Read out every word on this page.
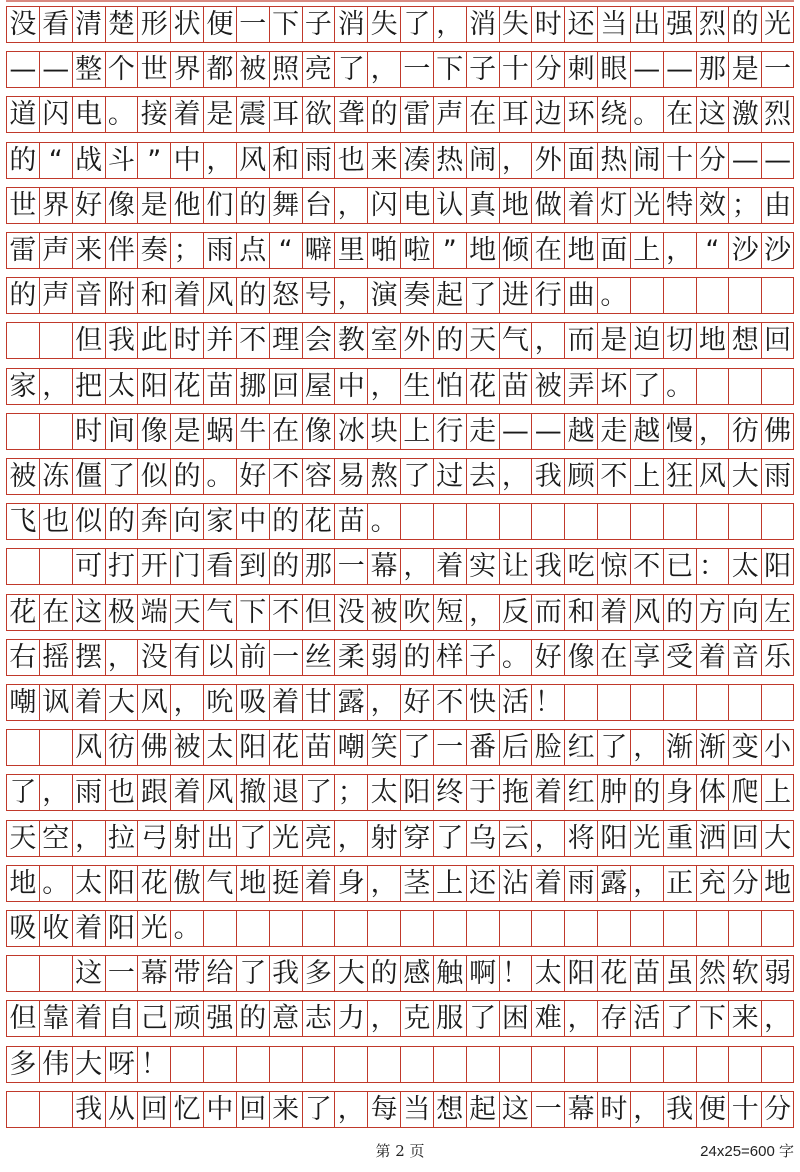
没 看 清 楚 形 状 便 一 下 子 消 失 了 ， 消 失 时 还 当 出 强 烈 的 光
— — 整 个 世 界 都 被 照 亮 了 ， 一 下 子 十 分 刺 眼 — — 那 是 一
道 闪 电 。 接 着 是 震 耳 欲 聋 的 雷 声 在 耳 边 环 绕 。 在 这 激 烈
的 “ 战 斗 ” 中 ， 风 和 雨 也 来 凑 热 闹 ， 外 面 热 闹 十 分 — —
世 界 好 像 是 他 们 的 舞 台 ， 闪 电 认 真 地 做 着 灯 光 特 效 ； 由
雷 声 来 伴 奏 ； 雨 点 “ 噼 里 啪 啦 ” 地 倾 在 地 面 上 ， “ 沙 沙
的 声 音 附 和 着 风 的 怒 号 ， 演 奏 起 了 进 行 曲 。
但 我 此 时 并 不 理 会 教 室 外 的 天 气 ， 而 是 迫 切 地 想 回
家 ， 把 太 阳 花 苗 挪 回 屋 中 ， 生 怕 花 苗 被 弄 坏 了 。
时 间 像 是 蜗 牛 在 像 冰 块 上 行 走 — — 越 走 越 慢 ， 彷 佛
被 冻 僵 了 似 的 。 好 不 容 易 熬 了 过 去 ， 我 顾 不 上 狂 风 大 雨
飞 也 似 的 奔 向 家 中 的 花 苗 。
可 打 开 门 看 到 的 那 一 幕 ， 着 实 让 我 吃 惊 不 已 ： 太 阳
花 在 这 极 端 天 气 下 不 但 没 被 吹 短 ， 反 而 和 着 风 的 方 向 左
右 摇 摆 ， 没 有 以 前 一 丝 柔 弱 的 样 子 。 好 像 在 享 受 着 音 乐
嘲 讽 着 大 风 ， 吮 吸 着 甘 露 ， 好 不 快 活 ！
风 彷 佛 被 太 阳 花 苗 嘲 笑 了 一 番 后 脸 红 了 ， 渐 渐 变 小
了 ， 雨 也 跟 着 风 撤 退 了 ； 太 阳 终 于 拖 着 红 肿 的 身 体 爬 上
天 空 ， 拉 弓 射 出 了 光 亮 ， 射 穿 了 乌 云 ， 将 阳 光 重 洒 回 大
地 。 太 阳 花 傲 气 地 挺 着 身 ， 茎 上 还 沾 着 雨 露 ， 正 充 分 地
吸 收 着 阳 光 。
这 一 幕 带 给 了 我 多 大 的 感 触 啊 ！ 太 阳 花 苗 虽 然 软 弱
但 靠 着 自 己 顽 强 的 意 志 力 ， 克 服 了 困 难 ， 存 活 了 下 来 ，
多 伟 大 呀 ！
我 从 回 忆 中 回 来 了 ， 每 当 想 起 这 一 幕 时 ， 我 便 十 分
第 2 页	24x25=600 字
